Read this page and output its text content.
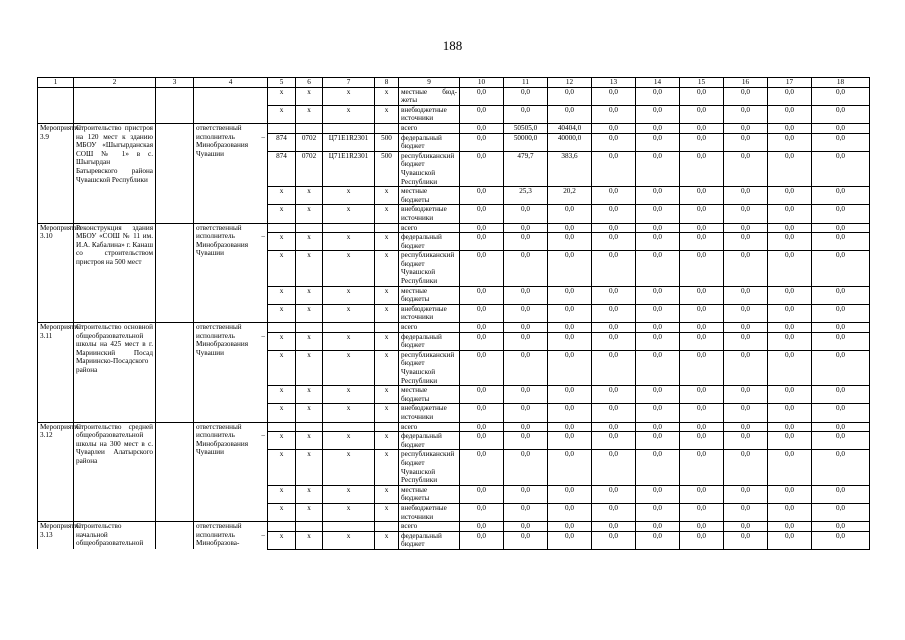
188
1	2	3	4	5	6	7	8	9	10	11	12	13	14	15	16	17	18
				x	x	x	x	местные бюд- жеты	0,0	0,0	0,0	0,0	0,0	0,0	0,0	0,0	0,0
				x	x	x	x	внебюджетные источники	0,0	0,0	0,0	0,0	0,0	0,0	0,0	0,0	0,0
Мероприятие 3.9	Строительство пристроя на 120 мест к зданию МБОУ «Шыгырданская СОШ № 1» в с. Шыгырдан Батыревского района Чувашской Республики		ответственный исполнитель – Минобразования Чувашии					всего	0,0	50505,0	40404,0	0,0	0,0	0,0	0,0	0,0	0,0
				874	0702	Ц71Е1R2301	500	федеральный бюджет	0,0	50000,0	40000,0	0,0	0,0	0,0	0,0	0,0	0,0
				874	0702	Ц71Е1R2301	500	республиканский бюджет Чувашской Республики	0,0	479,7	383,6	0,0	0,0	0,0	0,0	0,0	0,0
				x	x	x	x	местные бюджеты	0,0	25,3	20,2	0,0	0,0	0,0	0,0	0,0	0,0
				x	x	x	x	внебюджетные источники	0,0	0,0	0,0	0,0	0,0	0,0	0,0	0,0	0,0
Мероприятие 3.10	Реконструкция здания МБОУ «СОШ № 11 им. И.А. Кабалина» г. Канаш со строительством пристроя на 500 мест		ответственный исполнитель – Минобразования Чувашии					всего	0,0	0,0	0,0	0,0	0,0	0,0	0,0	0,0	0,0
				x	x	x	x	федеральный бюджет	0,0	0,0	0,0	0,0	0,0	0,0	0,0	0,0	0,0
				x	x	x	x	республиканский бюджет Чувашской Республики	0,0	0,0	0,0	0,0	0,0	0,0	0,0	0,0	0,0
				x	x	x	x	местные бюджеты	0,0	0,0	0,0	0,0	0,0	0,0	0,0	0,0	0,0
				x	x	x	x	внебюджетные источники	0,0	0,0	0,0	0,0	0,0	0,0	0,0	0,0	0,0
Мероприятие 3.11	Строительство основной общеобразовательной школы на 425 мест в г. Мариинский Посад Мариинско-Посадского района		ответственный исполнитель – Минобразования Чувашии					всего	0,0	0,0	0,0	0,0	0,0	0,0	0,0	0,0	0,0
				x	x	x	x	федеральный бюджет	0,0	0,0	0,0	0,0	0,0	0,0	0,0	0,0	0,0
				x	x	x	x	республиканский бюджет Чувашской Республики	0,0	0,0	0,0	0,0	0,0	0,0	0,0	0,0	0,0
				x	x	x	x	местные бюджеты	0,0	0,0	0,0	0,0	0,0	0,0	0,0	0,0	0,0
				x	x	x	x	внебюджетные источники	0,0	0,0	0,0	0,0	0,0	0,0	0,0	0,0	0,0
Мероприятие 3.12	Строительство средней общеобразовательной школы на 300 мест в с. Чуварлеи Алатырского района		ответственный исполнитель – Минобразования Чувашии					всего	0,0	0,0	0,0	0,0	0,0	0,0	0,0	0,0	0,0
				x	x	x	x	федеральный бюджет	0,0	0,0	0,0	0,0	0,0	0,0	0,0	0,0	0,0
				x	x	x	x	республиканский бюджет Чувашской Республики	0,0	0,0	0,0	0,0	0,0	0,0	0,0	0,0	0,0
				x	x	x	x	местные бюджеты	0,0	0,0	0,0	0,0	0,0	0,0	0,0	0,0	0,0
				x	x	x	x	внебюджетные источники	0,0	0,0	0,0	0,0	0,0	0,0	0,0	0,0	0,0
Мероприятие 3.13	Строительство начальной общеобразовательной		ответственный исполнитель – Минобразова-					всего	0,0	0,0	0,0	0,0	0,0	0,0	0,0	0,0	0,0
				x	x	x	x	федеральный бюджет	0,0	0,0	0,0	0,0	0,0	0,0	0,0	0,0	0,0
